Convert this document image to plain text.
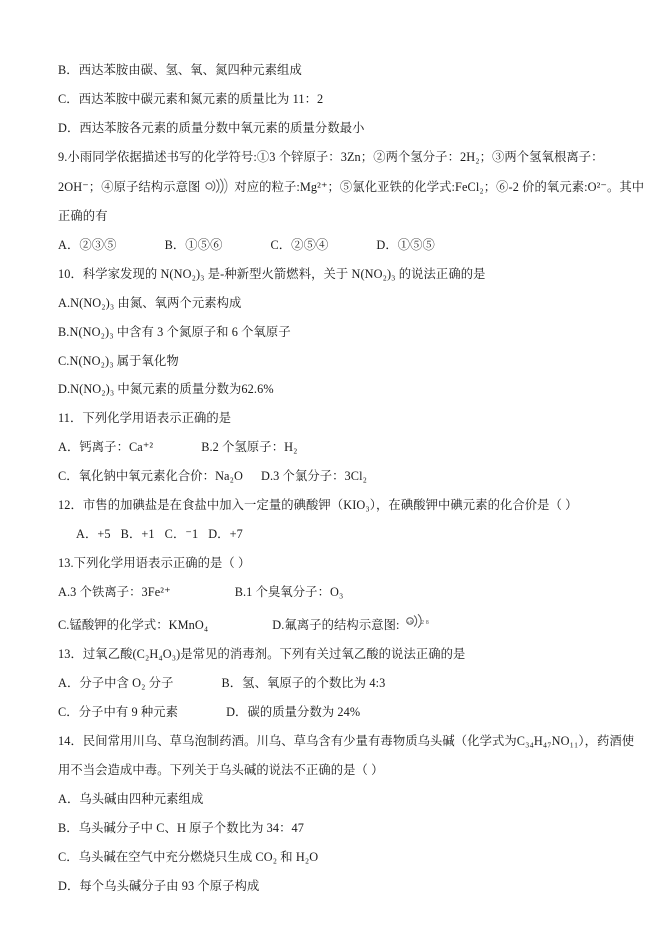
B．西达苯胺由碳、氢、氧、氮四种元素组成

C．西达苯胺中碳元素和氮元素的质量比为 11：2

D．西达苯胺各元素的质量分数中氧元素的质量分数最小

9.小雨同学依据描述书写的化学符号:①3 个锌原子：3Zn；②两个氢分子：2H₂；③两个氢氧根离子：

2OH⁻；④原子结构示意图	对应的粒子:Mg²⁺；⑤氯化亚铁的化学式:FeCl₂；⑥-2 价的氧元素:O²⁻。其中

正确的有

A．②③⑤	B．①⑤⑥	C．②⑤④	D．①⑤⑤

10．科学家发现的 N(NO₂)₃ 是-种新型火箭燃料，关于 N(NO₂)₃ 的说法正确的是

A.N(NO₂)₃ 由氮、氧两个元素构成

B.N(NO₂)₃ 中含有 3 个氮原子和 6 个氧原子

C.N(NO₂)₃ 属于氧化物

D.N(NO₂)₃ 中氮元素的质量分数为62.6%

11．下列化学用语表示正确的是

A．钙离子：Ca⁺²	B.2 个氢原子：H₂

C．氧化钠中氧元素化合价：Na₂O D.3 个氯分子：3Cl₂

12．市售的加碘盐是在食盐中加入一定量的碘酸钾（KIO₃），在碘酸钾中碘元素的化合价是（ ）

A．+5 B．+1 C．⁻1 D．+7

13.下列化学用语表示正确的是（ ）

A.3 个铁离子：3Fe²⁺	B.1 个臭氧分子：O₃

C.锰酸钾的化学式：KMnO₄	D.氟离子的结构示意图: +9 2 8

13．过氧乙酸(C₂H₄O₃)是常见的消毒剂。下列有关过氧乙酸的说法正确的是

A．分子中含 O₂ 分子	B．氢、氧原子的个数比为 4:3

C．分子中有 9 种元素	D．碳的质量分数为 24%

14．民间常用川乌、草乌泡制药酒。川乌、草乌含有少量有毒物质乌头碱（化学式为C₃₄H₄₇NO₁₁），药酒使

用不当会造成中毒。下列关于乌头碱的说法不正确的是（ ）

A．乌头碱由四种元素组成

B．乌头碱分子中 C、H 原子个数比为 34：47

C．乌头碱在空气中充分燃烧只生成 CO₂ 和 H₂O

D．每个乌头碱分子由 93 个原子构成
